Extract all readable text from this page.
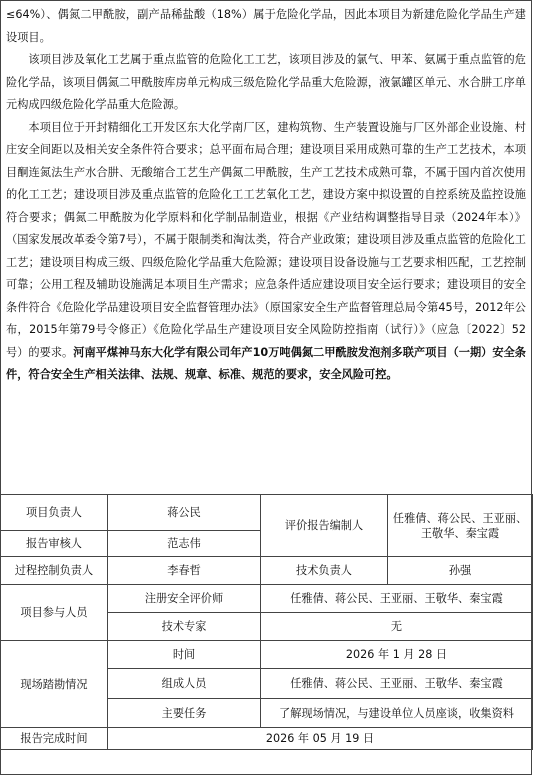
≤64%）、偶氮二甲酰胺，副产品稀盐酸（18%）属于危险化学品，因此本项目为新建危险化学品生产建设项目。

该项目涉及氧化工艺属于重点监管的危险化工工艺，该项目涉及的氯气、甲苯、氨属于重点监管的危险化学品，该项目偶氮二甲酰胺库房单元构成三级危险化学品重大危险源，液氯罐区单元、水合肼工序单元构成四级危险化学品重大危险源。

本项目位于开封精细化工开发区东大化学南厂区，建构筑物、生产装置设施与厂区外部企业设施、村庄安全间距以及相关安全条件符合要求；总平面布局合理；建设项目采用成熟可靠的生产工艺技术，本项目酮连氮法生产水合肼、无酸缩合工艺生产偶氮二甲酰胺，生产工艺技术成熟可靠，不属于国内首次使用的化工工艺；建设项目涉及重点监管的危险化工工艺氧化工艺，建设方案中拟设置的自控系统及监控设施符合要求；偶氮二甲酰胺为化学原料和化学制品制造业，根据《产业结构调整指导目录（2024年本）》（国家发展改革委令第7号），不属于限制类和淘汰类，符合产业政策；建设项目涉及重点监管的危险化工工艺；建设项目构成三级、四级危险化学品重大危险源；建设项目设备设施与工艺要求相匹配，工艺控制可靠；公用工程及辅助设施满足本项目生产需求；应急条件适应建设项目安全运行要求；建设项目的安全条件符合《危险化学品建设项目安全监督管理办法》（原国家安全生产监督管理总局令第45号，2012年公布，2015年第79号令修正）《危险化学品生产建设项目安全风险防控指南（试行）》（应急〔2022〕52号）的要求。河南平煤神马东大化学有限公司年产10万吨偶氮二甲酰胺发泡剂多联产项目（一期）安全条件，符合安全生产相关法律、法规、规章、标准、规范的要求，安全风险可控。

项目负责人	蒋公民	评价报告编制人	任雅倩、蒋公民、王亚丽、
王敬华、秦宝霞

报告审核人	范志伟		
过程控制负责人	李春哲	技术负责人	孙强
项目参与人员	注册安全评价师	任雅倩、蒋公民、王亚丽、王敬华、秦宝霞	
	技术专家	无	
现场踏勘情况	时间	2026 年 1 月 28 日	
	组成人员	任雅倩、蒋公民、王亚丽、王敬华、秦宝霞	
	主要任务	了解现场情况，与建设单位人员座谈，收集资料	
报告完成时间	2026 年 05 月 19 日		
